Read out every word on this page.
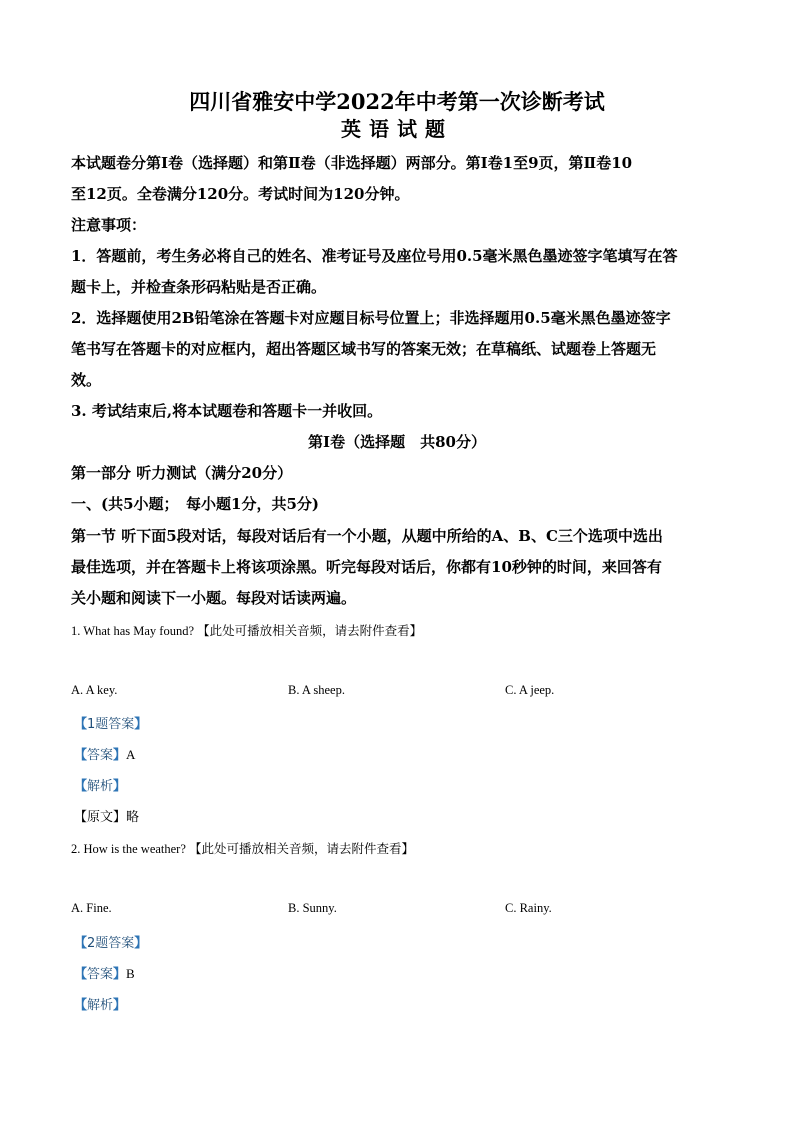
四川省雅安中学2022年中考第一次诊断考试
英语试题
本试题卷分第Ⅰ卷（选择题）和第Ⅱ卷（非选择题）两部分。第Ⅰ卷1至9页，第Ⅱ卷10
至12页。全卷满分120分。考试时间为120分钟。
注意事项：
1．答题前，考生务必将自己的姓名、准考证号及座位号用0.5毫米黑色墨迹签字笔填写在答
题卡上，并检查条形码粘贴是否正确。
2．选择题使用2B铅笔涂在答题卡对应题目标号位置上；非选择题用0.5毫米黑色墨迹签字
笔书写在答题卡的对应框内，超出答题区域书写的答案无效；在草稿纸、试题卷上答题无
效。
3. 考试结束后,将本试题卷和答题卡一并收回。
第Ⅰ卷（选择题　共80分）
第一部分 听力测试（满分20分）
一、(共5小题；　每小题1分，共5分)
第一节 听下面5段对话，每段对话后有一个小题，从题中所给的A、B、C三个选项中选出
最佳选项，并在答题卡上将该项涂黑。听完每段对话后，你都有10秒钟的时间，来回答有
关小题和阅读下一小题。每段对话读两遍。
1. What has May found? 【此处可播放相关音频，请去附件查看】
A. A key.	B. A sheep.	C. A jeep.
【1题答案】
【答案】A
【解析】
【原文】略
2. How is the weather? 【此处可播放相关音频，请去附件查看】
A. Fine.	B. Sunny.	C. Rainy.
【2题答案】
【答案】B
【解析】
